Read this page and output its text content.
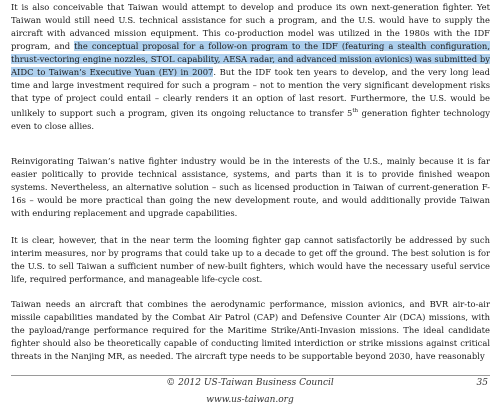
It is also conceivable that Taiwan would attempt to develop and produce its own next-generation fighter. Yet Taiwan would still need U.S. technical assistance for such a program, and the U.S. would have to supply the aircraft with advanced mission equipment. This co-production model was utilized in the 1980s with the IDF program, and the conceptual proposal for a follow-on program to the IDF (featuring a stealth configuration, thrust-vectoring engine nozzles, STOL capability, AESA radar, and advanced mission avionics) was submitted by AIDC to Taiwan’s Executive Yuan (EY) in 2007. But the IDF took ten years to develop, and the very long lead time and large investment required for such a program – not to mention the very significant development risks that type of project could entail – clearly renders it an option of last resort. Furthermore, the U.S. would be unlikely to support such a program, given its ongoing reluctance to transfer 5th generation fighter technology even to close allies.

Reinvigorating Taiwan’s native fighter industry would be in the interests of the U.S., mainly because it is far easier politically to provide technical assistance, systems, and parts than it is to provide finished weapon systems. Nevertheless, an alternative solution – such as licensed production in Taiwan of current-generation F-16s – would be more practical than going the new development route, and would additionally provide Taiwan with enduring replacement and upgrade capabilities.

It is clear, however, that in the near term the looming fighter gap cannot satisfactorily be addressed by such interim measures, nor by programs that could take up to a decade to get off the ground. The best solution is for the U.S. to sell Taiwan a sufficient number of new-built fighters, which would have the necessary useful service life, required performance, and manageable life-cycle cost.

Taiwan needs an aircraft that combines the aerodynamic performance, mission avionics, and BVR air-to-air missile capabilities mandated by the Combat Air Patrol (CAP) and Defensive Counter Air (DCA) missions, with the payload/range performance required for the Maritime Strike/Anti-Invasion missions. The ideal candidate fighter should also be theoretically capable of conducting limited interdiction or strike missions against critical threats in the Nanjing MR, as needed. The aircraft type needs to be supportable beyond 2030, have reasonably

© 2012 US-Taiwan Business Council	35
www.us-taiwan.org
